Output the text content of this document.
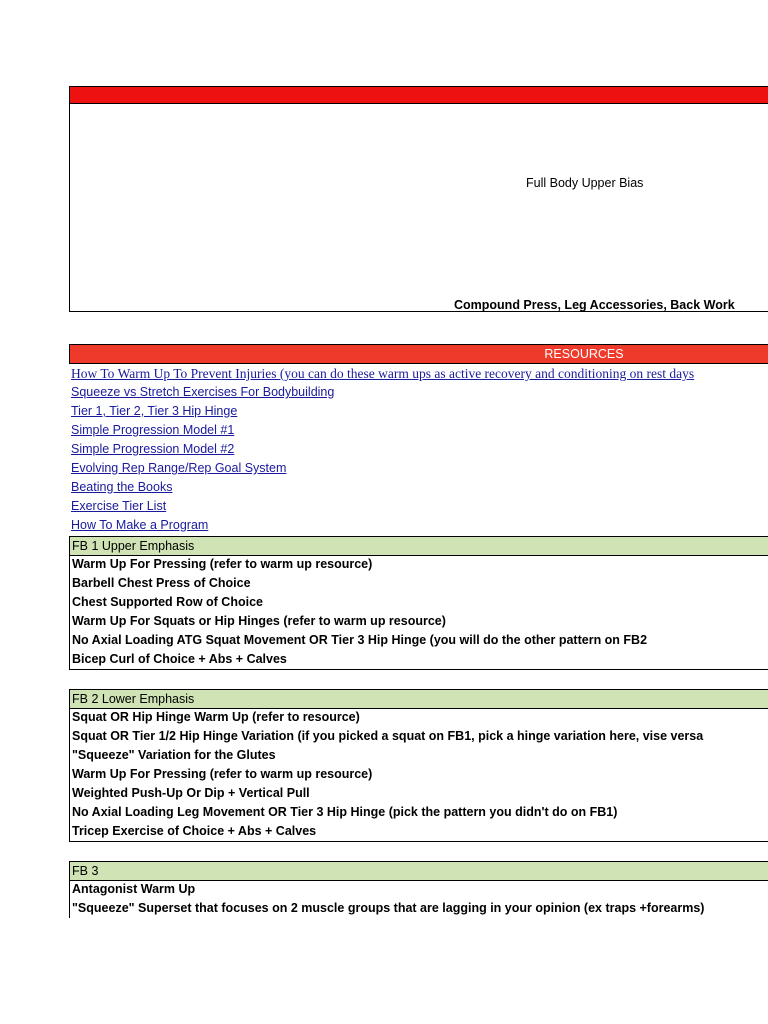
Full Body Upper Bias
Compound Press, Leg Accessories, Back Work
RESOURCES
How To Warm Up To Prevent Injuries (you can do these warm ups as active recovery and conditioning on rest days
Squeeze vs Stretch Exercises For Bodybuilding
Tier 1, Tier 2, Tier 3 Hip Hinge
Simple Progression Model #1
Simple Progression Model #2
Evolving Rep Range/Rep Goal System
Beating the Books
Exercise Tier List
How To Make a Program
FB 1 Upper Emphasis
Warm Up For Pressing (refer to warm up resource)
Barbell Chest Press of Choice
Chest Supported Row of Choice
Warm Up For Squats or Hip Hinges (refer to warm up resource)
No Axial Loading ATG Squat Movement OR Tier 3 Hip Hinge (you will do the other pattern on FB2
Bicep Curl of Choice + Abs + Calves
FB 2 Lower Emphasis
Squat OR Hip Hinge Warm Up (refer to resource)
Squat OR Tier 1/2 Hip Hinge Variation (if you picked a squat on FB1, pick a hinge variation here, vise versa
"Squeeze" Variation for the Glutes
Warm Up For Pressing (refer to warm up resource)
Weighted Push-Up Or Dip + Vertical Pull
No Axial Loading Leg Movement OR Tier 3 Hip Hinge (pick the pattern you didn't do on FB1)
Tricep Exercise of Choice + Abs + Calves
FB 3
Antagonist Warm Up
"Squeeze" Superset that focuses on 2 muscle groups that are lagging in your opinion (ex traps +forearms)
